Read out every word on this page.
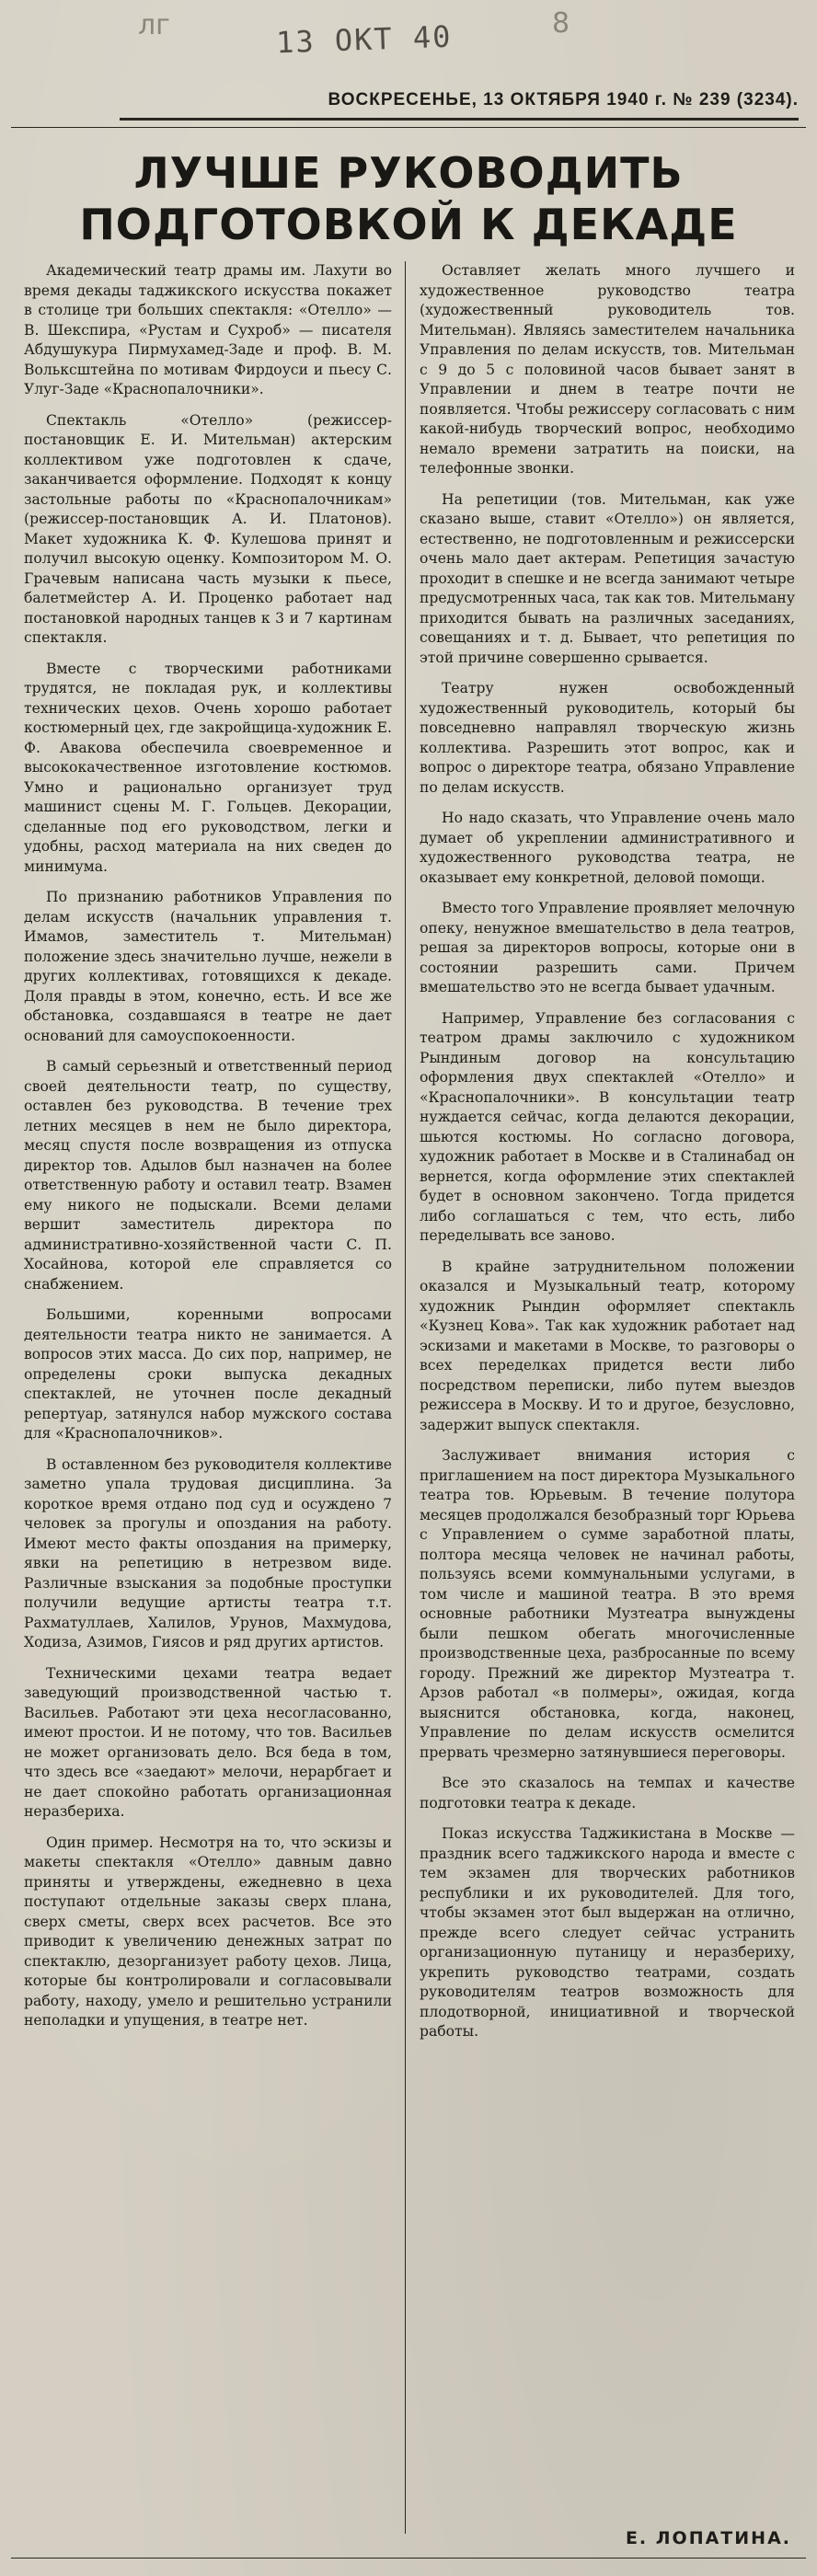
13 ОКТ 40
лг	8
ВОСКРЕСЕНЬЕ, 13 ОКТЯБРЯ 1940 г. № 239 (3234).
ЛУЧШЕ РУКОВОДИТЬ ПОДГОТОВКОЙ К ДЕКАДЕ

Академический театр драмы им. Лахути во время декады таджикского искусства покажет в столице три больших спектакля: «Отелло» — В. Шекспира, «Рустам и Сухроб» — писателя Абдушукура Пирмухамед-Заде и проф. В. М. Вольксштейна по мотивам Фирдоуси и пьесу С. Улуг-Заде «Краснопалочники».

Спектакль «Отелло» (режиссер-постановщик Е. И. Мительман) актерским коллективом уже подготовлен к сдаче, заканчивается оформление. Подходят к концу застольные работы по «Краснопалочникам» (режиссер-постановщик А. И. Платонов). Макет художника К. Ф. Кулешова принят и получил высокую оценку. Композитором М. О. Грачевым написана часть музыки к пьесе, балетмейстер А. И. Проценко работает над постановкой народных танцев к 3 и 7 картинам спектакля.

Вместе с творческими работниками трудятся, не покладая рук, и коллективы технических цехов. Очень хорошо работает костюмерный цех, где закройщица-художник Е. Ф. Авакова обеспечила своевременное и высококачественное изготовление костюмов. Умно и рационально организует труд машинист сцены М. Г. Гольцев. Декорации, сделанные под его руководством, легки и удобны, расход материала на них сведен до минимума.

По признанию работников Управления по делам искусств (начальник управления т. Имамов, заместитель т. Мительман) положение здесь значительно лучше, нежели в других коллективах, готовящихся к декаде. Доля правды в этом, конечно, есть. И все же обстановка, создавшаяся в театре не дает оснований для самоуспокоенности.

В самый серьезный и ответственный период своей деятельности театр, по существу, оставлен без руководства. В течение трех летних месяцев в нем не было директора, месяц спустя после возвращения из отпуска директор тов. Адылов был назначен на более ответственную работу и оставил театр. Взамен ему никого не подыскали. Всеми делами вершит заместитель директора по административно-хозяйственной части С. П. Хосайнова, которой еле справляется со снабжением.

Большими, коренными вопросами деятельности театра никто не занимается. А вопросов этих масса. До сих пор, например, не определены сроки выпуска декадных спектаклей, не уточнен после декадный репертуар, затянулся набор мужского состава для «Краснопалочников».

В оставленном без руководителя коллективе заметно упала трудовая дисциплина. За короткое время отдано под суд и осуждено 7 человек за прогулы и опоздания на работу. Имеют место факты опоздания на примерку, явки на репетицию в нетрезвом виде. Различные взыскания за подобные проступки получили ведущие артисты театра т.т. Рахматуллаев, Халилов, Урунов, Махмудова, Ходиза, Азимов, Гиясов и ряд других артистов.

Техническими цехами театра ведает заведующий производственной частью т. Васильев. Работают эти цеха несогласованно, имеют простои. И не потому, что тов. Васильев не может организовать дело. Вся беда в том, что здесь все «заедают» мелочи, нерарбгает и не дает спокойно работать организационная неразбериха.

Один пример. Несмотря на то, что эскизы и макеты спектакля «Отелло» давным давно приняты и утверждены, ежедневно в цеха поступают отдельные заказы сверх плана, сверх сметы, сверх всех расчетов. Все это приводит к увеличению денежных затрат по спектаклю, дезорганизует работу цехов. Лица, которые бы контролировали и согласовывали работу, находу, умело и решительно устранили неполадки и упущения, в театре нет.

Оставляет желать много лучшего и художественное руководство театра (художественный руководитель тов. Мительман). Являясь заместителем начальника Управления по делам искусств, тов. Мительман с 9 до 5 с половиной часов бывает занят в Управлении и днем в театре почти не появляется. Чтобы режиссеру согласовать с ним какой-нибудь творческий вопрос, необходимо немало времени затратить на поиски, на телефонные звонки.

На репетиции (тов. Мительман, как уже сказано выше, ставит «Отелло») он является, естественно, не подготовленным и режиссерски очень мало дает актерам. Репетиция зачастую проходит в спешке и не всегда занимают четыре предусмотренных часа, так как тов. Мительману приходится бывать на различных заседаниях, совещаниях и т. д. Бывает, что репетиция по этой причине совершенно срывается.

Театру нужен освобожденный художественный руководитель, который бы повседневно направлял творческую жизнь коллектива. Разрешить этот вопрос, как и вопрос о директоре театра, обязано Управление по делам искусств.

Но надо сказать, что Управление очень мало думает об укреплении административного и художественного руководства театра, не оказывает ему конкретной, деловой помощи.

Вместо того Управление проявляет мелочную опеку, ненужное вмешательство в дела театров, решая за директоров вопросы, которые они в состоянии разрешить сами. Причем вмешательство это не всегда бывает удачным.

Например, Управление без согласования с театром драмы заключило с художником Рындиным договор на консультацию оформления двух спектаклей «Отелло» и «Краснопалочники». В консультации театр нуждается сейчас, когда делаются декорации, шьются костюмы. Но согласно договора, художник работает в Москве и в Сталинабад он вернется, когда оформление этих спектаклей будет в основном закончено. Тогда придется либо соглашаться с тем, что есть, либо переделывать все заново.

В крайне затруднительном положении оказался и Музыкальный театр, которому художник Рындин оформляет спектакль «Кузнец Кова». Так как художник работает над эскизами и макетами в Москве, то разговоры о всех переделках придется вести либо посредством переписки, либо путем выездов режиссера в Москву. И то и другое, безусловно, задержит выпуск спектакля.

Заслуживает внимания история с приглашением на пост директора Музыкального театра тов. Юрьевым. В течение полутора месяцев продолжался безобразный торг Юрьева с Управлением о сумме заработной платы, полтора месяца человек не начинал работы, пользуясь всеми коммунальными услугами, в том числе и машиной театра. В это время основные работники Музтеатра вынуждены были пешком обегать многочисленные производственные цеха, разбросанные по всему городу. Прежний же директор Музтеатра т. Арзов работал «в полмеры», ожидая, когда выяснится обстановка, когда, наконец, Управление по делам искусств осмелится прервать чрезмерно затянувшиеся переговоры.

Все это сказалось на темпах и качестве подготовки театра к декаде.

Показ искусства Таджикистана в Москве — праздник всего таджикского народа и вместе с тем экзамен для творческих работников республики и их руководителей. Для того, чтобы экзамен этот был выдержан на отлично, прежде всего следует сейчас устранить организационную путаницу и неразбериху, укрепить руководство театрами, создать руководителям театров возможность для плодотворной, инициативной и творческой работы.

Е. ЛОПАТИНА.
